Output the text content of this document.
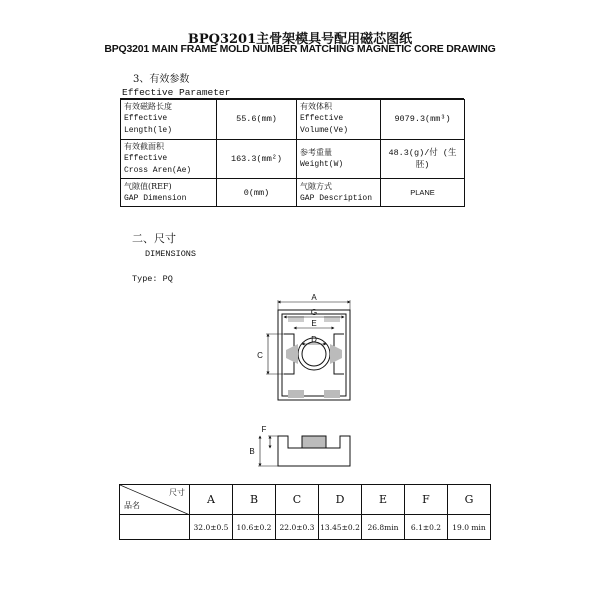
BPQ3201主骨架模具号配用磁芯图纸
BPQ3201 MAIN FRAME MOLD NUMBER MATCHING MAGNETIC CORE DRAWING
3、有效参数
Effective Parameter
有效磁路长度
Effective
Length(le)	55.6(mm)	有效体积
Effective
Volume(Ve)	9079.3(mm³)

有效截面积
Effective
Cross Aren(Ae)	163.3(mm²)	参考重量
Weight(W)	48.3(g)/付 (生胚)

气隙值(REF)
GAP Dimension	0(mm)	气隙方式
GAP Description	PLANE
二、尺寸
DIMENSIONS
Type: PQ
A
G
E
D
C
F
B
尺寸
品名	A	B	C	D	E	F	G
	32.0±0.5	10.6±0.2	22.0±0.3	13.45±0.2	26.8min	6.1±0.2	19.0 min
